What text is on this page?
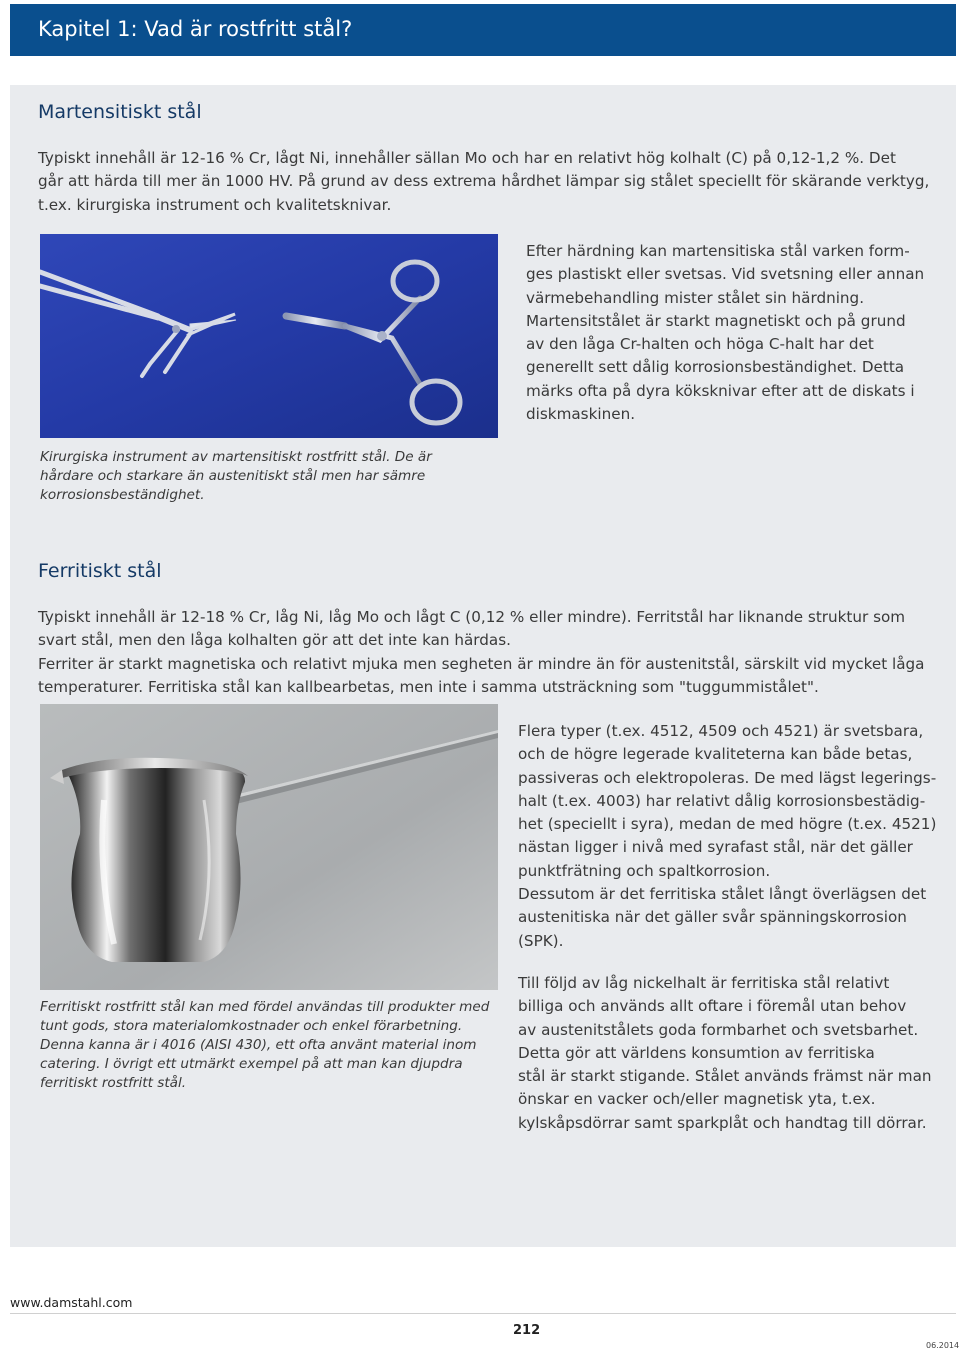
Kapitel 1: Vad är rostfritt stål?
Martensitiskt stål
Typiskt innehåll är 12-16 % Cr, lågt Ni, innehåller sällan Mo och har en relativt hög kolhalt (C) på 0,12-1,2 %. Det
går att härda till mer än 1000 HV. På grund av dess extrema hårdhet lämpar sig stålet speciellt för skärande verktyg,
t.ex. kirurgiska instrument och kvalitetsknivar.
Efter härdning kan martensitiska stål varken form-
ges plastiskt eller svetsas. Vid svetsning eller annan
värmebehandling mister stålet sin härdning.
Martensitstålet är starkt magnetiskt och på grund
av den låga Cr-halten och höga C-halt har det
generellt sett dålig korrosionsbeständighet. Detta
märks ofta på dyra köksknivar efter att de diskats i
diskmaskinen.
Kirurgiska instrument av martensitiskt rostfritt stål. De är
hårdare och starkare än austenitiskt stål men har sämre
korrosionsbeständighet.
Ferritiskt stål
Typiskt innehåll är 12-18 % Cr, låg Ni, låg Mo och lågt C (0,12 % eller mindre). Ferritstål har liknande struktur som
svart stål, men den låga kolhalten gör att det inte kan härdas.
Ferriter är starkt magnetiska och relativt mjuka men segheten är mindre än för austenitstål, särskilt vid mycket låga
temperaturer. Ferritiska stål kan kallbearbetas, men inte i samma utsträckning som "tuggummistålet".
Flera typer (t.ex. 4512, 4509 och 4521) är svetsbara,
och de högre legerade kvaliteterna kan både betas,
passiveras och elektropoleras. De med lägst legerings-
halt (t.ex. 4003) har relativt dålig korrosionsbestädig-
het (speciellt i syra), medan de med högre (t.ex. 4521)
nästan ligger i nivå med syrafast stål, när det gäller
punktfrätning och spaltkorrosion.
Dessutom är det ferritiska stålet långt överlägsen det
austenitiska när det gäller svår spänningskorrosion
(SPK).
Till följd av låg nickelhalt är ferritiska stål relativt
billiga och används allt oftare i föremål utan behov
av austenitstålets goda formbarhet och svetsbarhet.
Detta gör att världens konsumtion av ferritiska
stål är starkt stigande. Stålet används främst när man
önskar en vacker och/eller magnetisk yta, t.ex.
kylskåpsdörrar samt sparkplåt och handtag till dörrar.
Ferritiskt rostfritt stål kan med fördel användas till produkter med
tunt gods, stora materialomkostnader och enkel förarbetning.
Denna kanna är i 4016 (AISI 430), ett ofta använt material inom
catering. I övrigt ett utmärkt exempel på att man kan djupdra
ferritiskt rostfritt stål.
www.damstahl.com
212
06.2014
